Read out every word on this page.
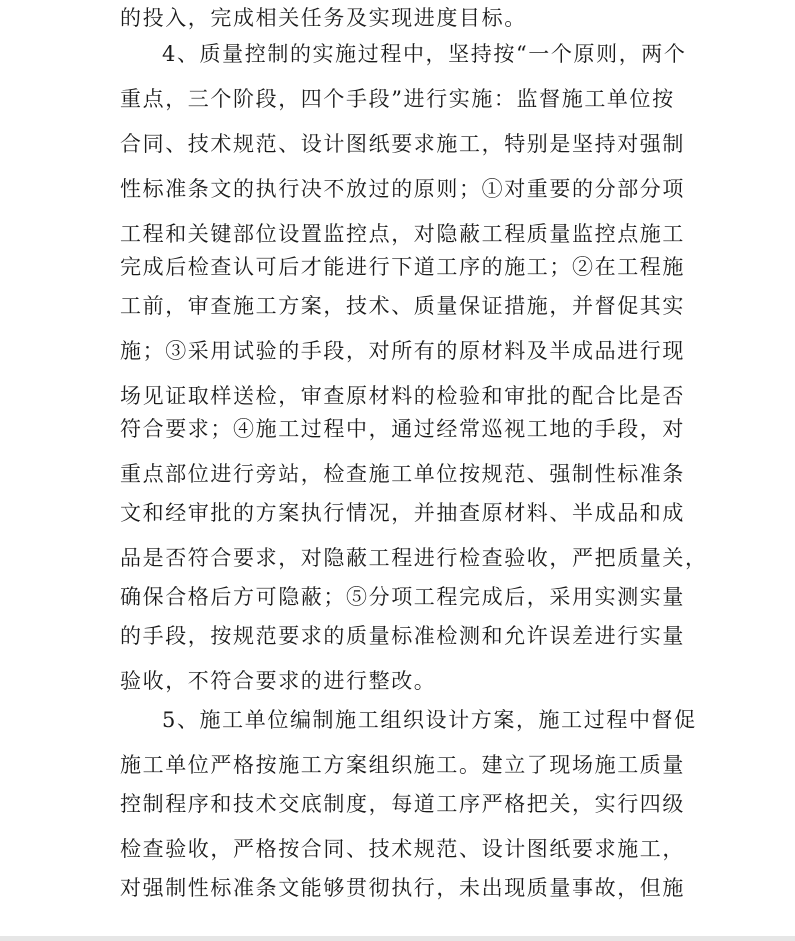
的投入，完成相关任务及实现进度目标。
4、质量控制的实施过程中，坚持按“一个原则，两个
重点，三个阶段，四个手段”进行实施：监督施工单位按
合同、技术规范、设计图纸要求施工，特别是坚持对强制
性标准条文的执行决不放过的原则；①对重要的分部分项
工程和关键部位设置监控点，对隐蔽工程质量监控点施工
完成后检查认可后才能进行下道工序的施工；②在工程施
工前，审查施工方案，技术、质量保证措施，并督促其实
施；③采用试验的手段，对所有的原材料及半成品进行现
场见证取样送检，审查原材料的检验和审批的配合比是否
符合要求；④施工过程中，通过经常巡视工地的手段，对
重点部位进行旁站，检查施工单位按规范、强制性标准条
文和经审批的方案执行情况，并抽查原材料、半成品和成
品是否符合要求，对隐蔽工程进行检查验收，严把质量关，
确保合格后方可隐蔽；⑤分项工程完成后，采用实测实量
的手段，按规范要求的质量标准检测和允许误差进行实量
验收，不符合要求的进行整改。
5、施工单位编制施工组织设计方案，施工过程中督促
施工单位严格按施工方案组织施工。建立了现场施工质量
控制程序和技术交底制度，每道工序严格把关，实行四级
检查验收，严格按合同、技术规范、设计图纸要求施工，
对强制性标准条文能够贯彻执行，未出现质量事故，但施
